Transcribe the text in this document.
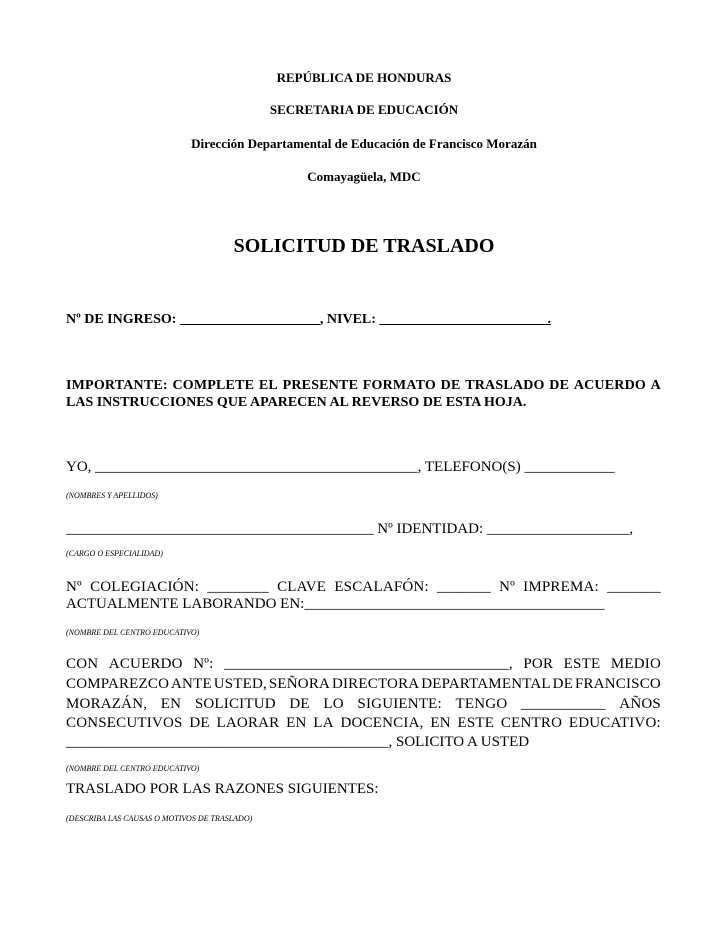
REPÚBLICA DE HONDURAS
SECRETARIA DE EDUCACIÓN
Dirección Departamental de Educación de Francisco Morazán
Comayagüela, MDC
SOLICITUD DE TRASLADO
Nº DE INGRESO: ____________________, NIVEL: ________________________.
IMPORTANTE: COMPLETE EL PRESENTE FORMATO DE TRASLADO DE ACUERDO A
LAS INSTRUCCIONES QUE APARECEN AL REVERSO DE ESTA HOJA.
YO, ___________________________________________, TELEFONO(S) ____________
(NOMBRES Y APELLIDOS)
_________________________________________ Nº IDENTIDAD: ___________________,
(CARGO O ESPECIALIDAD)
Nº COLEGIACIÓN: ________ CLAVE ESCALAFÓN: _______ Nº IMPREMA: _______
ACTUALMENTE LABORANDO EN:________________________________________
(NOMBRE DEL CENTRO EDUCATIVO)
CON ACUERDO Nº: _____________________________________, POR ESTE MEDIO
COMPAREZCO ANTE USTED, SEÑORA DIRECTORA DEPARTAMENTAL DE FRANCISCO
MORAZÁN, EN SOLICITUD DE LO SIGUIENTE: TENGO ___________ AÑOS
CONSECUTIVOS DE LAORAR EN LA DOCENCIA, EN ESTE CENTRO EDUCATIVO:
___________________________________________, SOLICITO A USTED
(NOMBRE DEL CENTRO EDUCATIVO)
TRASLADO POR LAS RAZONES SIGUIENTES:
(DESCRIBA LAS CAUSAS O MOTIVOS DE TRASLADO)
